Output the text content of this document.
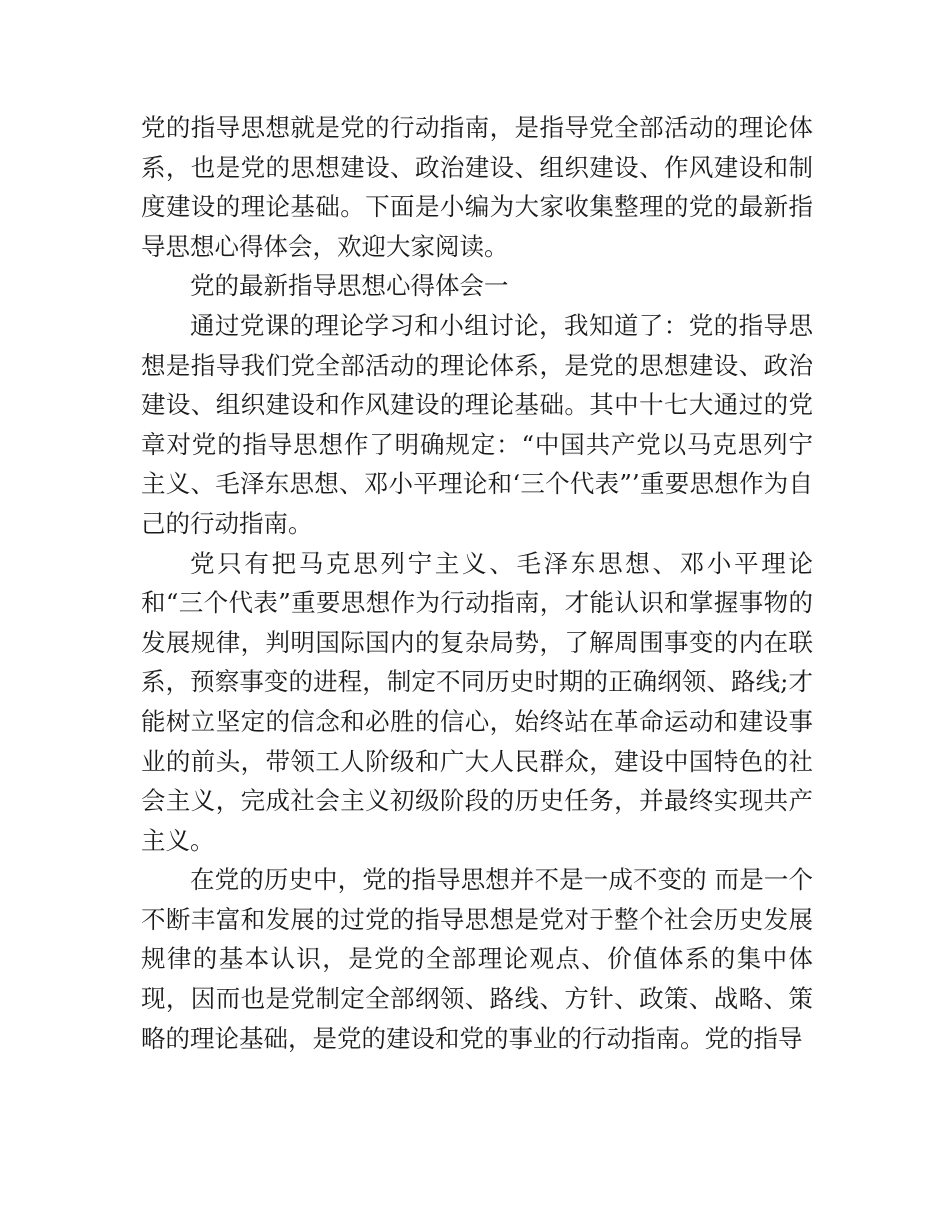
党的指导思想就是党的行动指南，是指导党全部活动的理论体系，也是党的思想建设、政治建设、组织建设、作风建设和制度建设的理论基础。下面是小编为大家收集整理的党的最新指导思想心得体会，欢迎大家阅读。

党的最新指导思想心得体会一

通过党课的理论学习和小组讨论，我知道了：党的指导思想是指导我们党全部活动的理论体系，是党的思想建设、政治建设、组织建设和作风建设的理论基础。其中十七大通过的党章对党的指导思想作了明确规定：“中国共产党以马克思列宁主义、毛泽东思想、邓小平理论和‘三个代表”’重要思想作为自己的行动指南。

党只有把马克思列宁主义、毛泽东思想、邓小平理论和“三个代表”重要思想作为行动指南，才能认识和掌握事物的发展规律，判明国际国内的复杂局势，了解周围事变的内在联系，预察事变的进程，制定不同历史时期的正确纲领、路线;才能树立坚定的信念和必胜的信心，始终站在革命运动和建设事业的前头，带领工人阶级和广大人民群众，建设中国特色的社会主义，完成社会主义初级阶段的历史任务，并最终实现共产主义。

在党的历史中，党的指导思想并不是一成不变的 而是一个不断丰富和发展的过党的指导思想是党对于整个社会历史发展规律的基本认识，是党的全部理论观点、价值体系的集中体现，因而也是党制定全部纲领、路线、方针、政策、战略、策略的理论基础，是党的建设和党的事业的行动指南。党的指导
